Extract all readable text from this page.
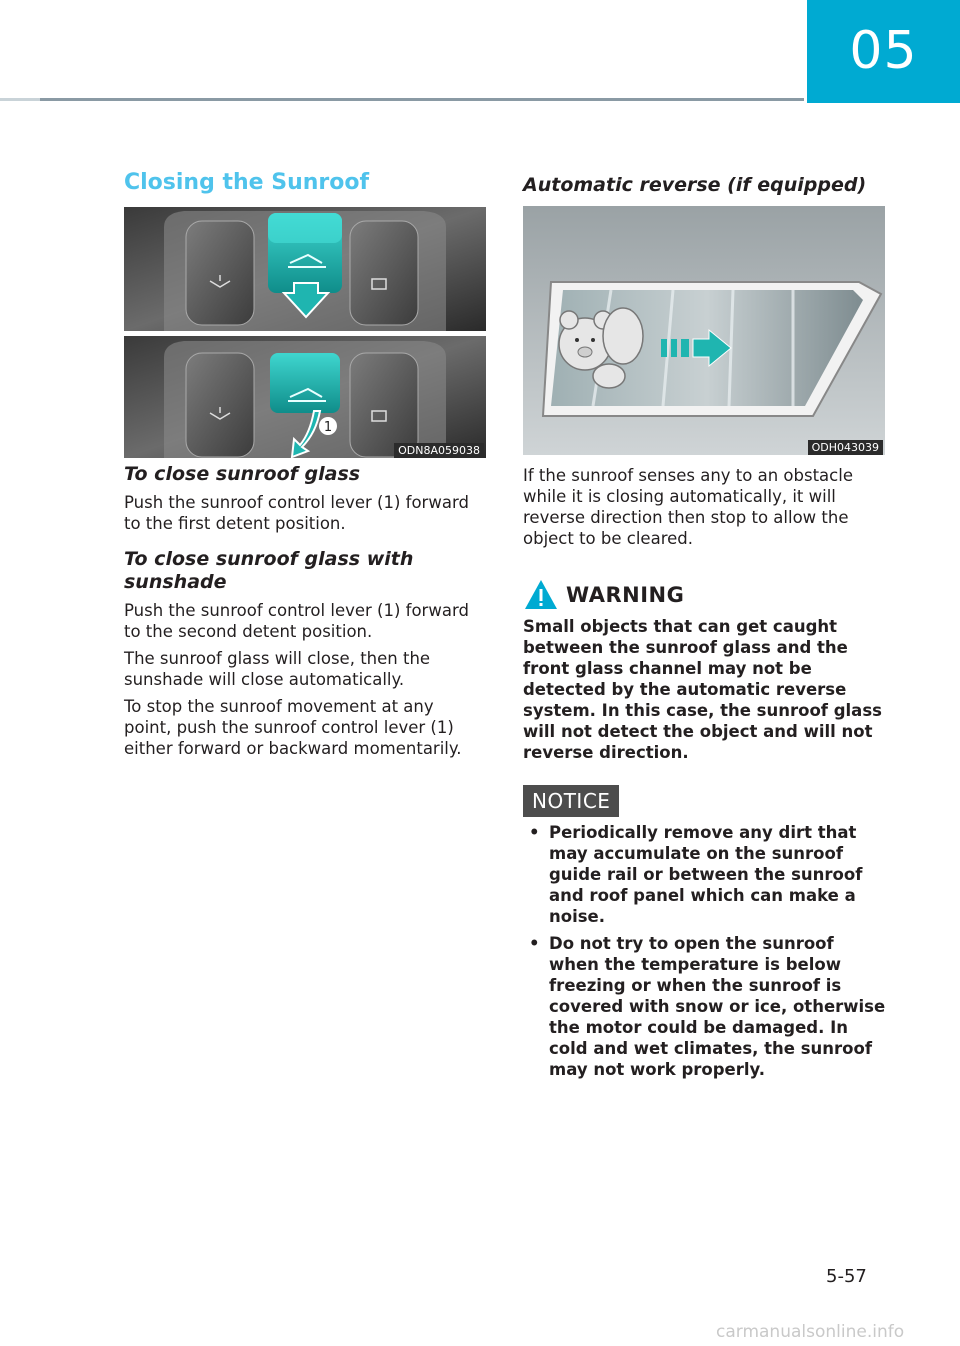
05
Closing the Sunroof
1
ODN8A059038
To close sunroof glass

Push the sunroof control lever (1) forward to the first detent position.

To close sunroof glass with sunshade

Push the sunroof control lever (1) forward to the second detent position.

The sunroof glass will close, then the sunshade will close automatically.

To stop the sunroof movement at any point, push the sunroof control lever (1) either forward or backward momentarily.

Automatic reverse (if equipped)
ODH043039

If the sunroof senses any to an obstacle while it is closing automatically, it will reverse direction then stop to allow the object to be cleared.

WARNING

Small objects that can get caught between the sunroof glass and the front glass channel may not be detected by the automatic reverse system. In this case, the sunroof glass will not detect the object and will not reverse direction.

NOTICE
• Periodically remove any dirt that may accumulate on the sunroof guide rail or between the sunroof and roof panel which can make a noise.
• Do not try to open the sunroof when the temperature is below freezing or when the sunroof is covered with snow or ice, otherwise the motor could be damaged. In cold and wet climates, the sunroof may not work properly.
5-57
carmanualsonline.info
